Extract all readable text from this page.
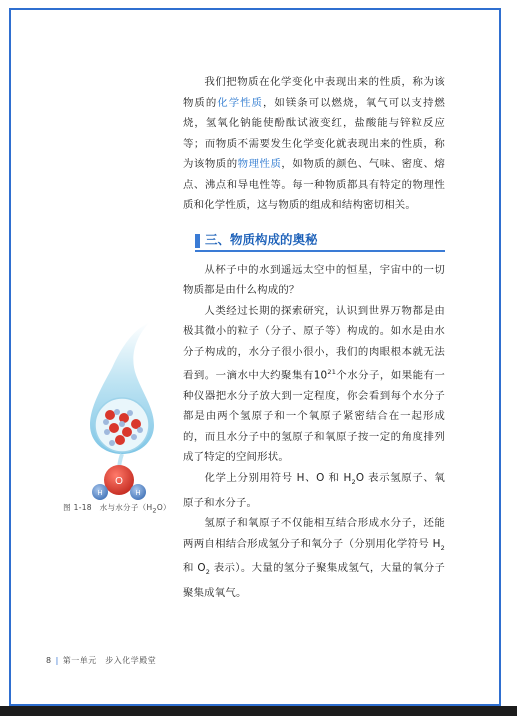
我们把物质在化学变化中表现出来的性质，称为该物质的化学性质，如镁条可以燃烧，氧气可以支持燃烧，氢氧化钠能使酚酞试液变红，盐酸能与锌粒反应等；而物质不需要发生化学变化就表现出来的性质，称为该物质的物理性质，如物质的颜色、气味、密度、熔点、沸点和导电性等。每一种物质都具有特定的物理性质和化学性质，这与物质的组成和结构密切相关。

三、物质构成的奥秘

从杯子中的水到遥远太空中的恒星，宇宙中的一切物质都是由什么构成的？

人类经过长期的探索研究，认识到世界万物都是由极其微小的粒子（分子、原子等）构成的。如水是由水分子构成的，水分子很小很小，我们的肉眼根本就无法看到。一滴水中大约聚集有$10^{21}$个水分子，如果能有一种仪器把水分子放大到一定程度，你会看到每个水分子都是由两个氢原子和一个氧原子紧密结合在一起形成的，而且水分子中的氢原子和氧原子按一定的角度排列成了特定的空间形状。

化学上分别用符号 H、O 和 $H_2O$ 表示氢原子、氧原子和水分子。

氢原子和氧原子不仅能相互结合形成水分子，还能两两自相结合形成氢分子和氧分子（分别用化学符号 $H_2$ 和 $O_2$ 表示）。大量的氢分子聚集成氢气，大量的氧分子聚集成氧气。

O
H	H
图 1-18　水与水分子$(H_2O)$
8 | 第一单元　步入化学殿堂
